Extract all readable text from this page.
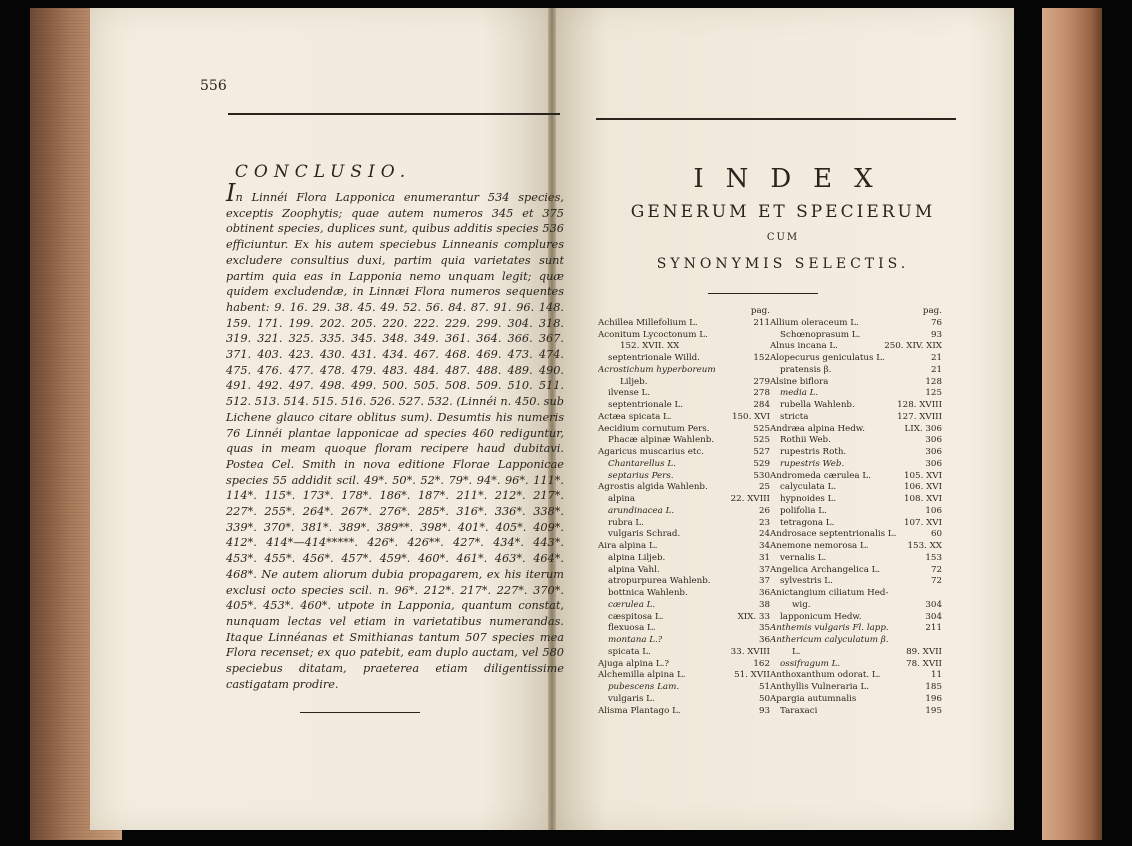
556
CONCLUSIO.

In Linnéi Flora Lapponica enumerantur 534 species, exceptis Zoophytis; quae autem numeros 345 et 375 obtinent species, duplices sunt, quibus additis species 536 efficiuntur. Ex his autem speciebus Linneanis complures excludere consultius duxi, partim quia varietates sunt partim quia eas in Lapponia nemo unquam legit; quæ quidem excludendæ, in Linnæi Flora numeros sequentes habent: 9. 16. 29. 38. 45. 49. 52. 56. 84. 87. 91. 96. 148. 159. 171. 199. 202. 205. 220. 222. 229. 299. 304. 318. 319. 321. 325. 335. 345. 348. 349. 361. 364. 366. 367. 371. 403. 423. 430. 431. 434. 467. 468. 469. 473. 474. 475. 476. 477. 478. 479. 483. 484. 487. 488. 489. 490. 491. 492. 497. 498. 499. 500. 505. 508. 509. 510. 511. 512. 513. 514. 515. 516. 526. 527. 532. (Linnéi n. 450. sub Lichene glauco citare oblitus sum). Desumtis his numeris 76 Linnéi plantae lapponicae ad species 460 rediguntur, quas in meam quoque floram recipere haud dubitavi. Postea Cel. Smith in nova editione Florae Lapponicae species 55 addidit scil. 49*. 50*. 52*. 79*. 94*. 96*. 111*. 114*. 115*. 173*. 178*. 186*. 187*. 211*. 212*. 217*. 227*. 255*. 264*. 267*. 276*. 285*. 316*. 336*. 338*. 339*. 370*. 381*. 389*. 389**. 398*. 401*. 405*. 409*. 412*. 414*—414*****. 426*. 426**. 427*. 434*. 443*. 453*. 455*. 456*. 457*. 459*. 460*. 461*. 463*. 464*. 468*. Ne autem aliorum dubia propagarem, ex his iterum exclusi octo species scil. n. 96*. 212*. 217*. 227*. 370*. 405*. 453*. 460*. utpote in Lapponia, quantum constat, nunquam lectas vel etiam in varietatibus numerandas. Itaque Linnéanas et Smithianas tantum 507 species mea Flora recenset; ex quo patebit, eam duplo auctam, vel 580 speciebus ditatam, praeterea etiam diligentissime castigatam prodire.

INDEX
GENERUM ET SPECIERUM
CUM
SYNONYMIS SELECTIS.
pag.
Achillea Millefolium L.	211
Aconitum Lycoctonum L.
152. XVII. XX
septentrionale Willd.	152
Acrostichum hyperboreum
Liljeb.	279
ilvense L.	278
septentrionale L.	284
Actæa spicata L.	150. XVI
Aecidium cornutum Pers.	525
Phacæ alpinæ Wahlenb.	525
Agaricus muscarius etc.	527
Chantarellus L.	529
septarius Pers.	530
Agrostis algida Wahlenb.	25
alpina	22. XVIII
arundinacea L.	26
rubra L.	23
vulgaris Schrad.	24
Aira alpina L.	34
alpina Liljeb.	31
alpina Vahl.	37
atropurpurea Wahlenb.	37
bottnica Wahlenb.	36
cærulea L.	38
cæspitosa L.	XIX. 33
flexuosa L.	35
montana L.?	36
spicata L.	33. XVIII
Ajuga alpina L.?	162
Alchemilla alpina L.	51. XVII
pubescens Lam.	51
vulgaris L.	50
Alisma Plantago L.	93
pag.
Allium oleraceum L.	76
Schœnoprasum L.	93
Alnus incana L.	250. XIV. XIX
Alopecurus geniculatus L.	21
pratensis β.	21
Alsine biflora	128
media L.	125
rubella Wahlenb.	128. XVIII
stricta	127. XVIII
Andræa alpina Hedw.	LIX. 306
Rothii Web.	306
rupestris Roth.	306
rupestris Web.	306
Andromeda cærulea L.	105. XVI
calyculata L.	106. XVI
hypnoides L.	108. XVI
polifolia L.	106
tetragona L.	107. XVI
Androsace septentrionalis L.	60
Anemone nemorosa L.	153. XX
vernalis L.	153
Angelica Archangelica L.	72
sylvestris L.	72
Anictangium ciliatum Hed-
wig.	304
lapponicum Hedw.	304
Anthemis vulgaris Fl. lapp.	211
Anthericum calyculatum β.
L.	89. XVII
ossifragum L.	78. XVII
Anthoxanthum odorat. L.	11
Anthyllis Vulneraria L.	185
Apargia autumnalis	196
Taraxaci	195
